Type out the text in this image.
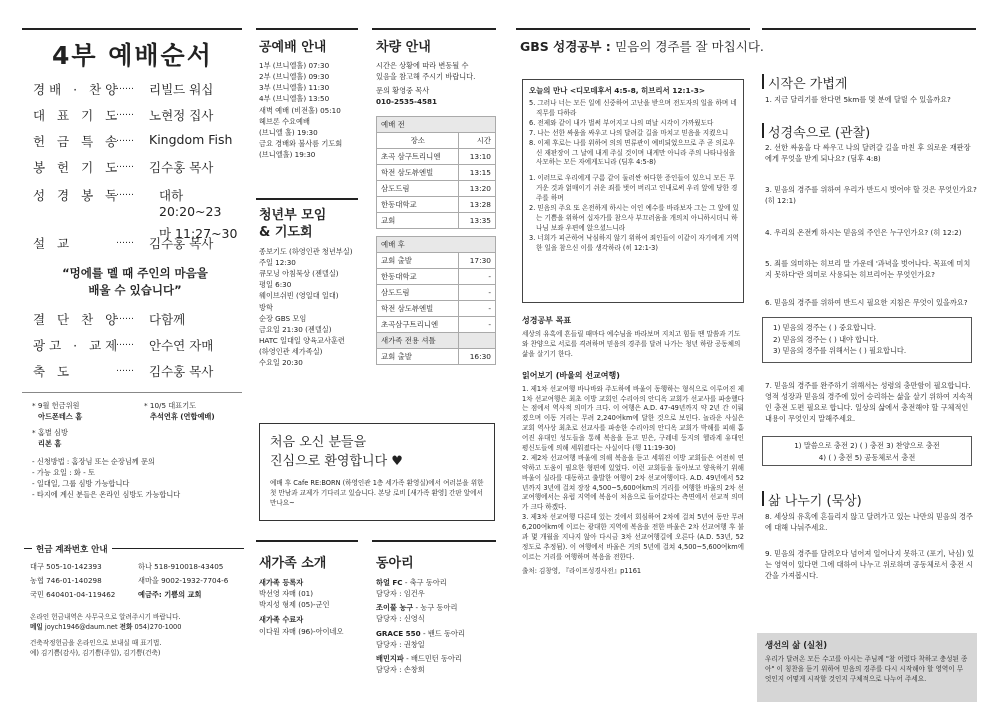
4부 예배순서
경배 · 찬양
…… 리빌드 워십
대 표 기 도
…… 노현정 집사
헌 금 특 송
…… Kingdom Fish
봉 헌 기 도
…… 김수홍 목사
성 경 봉 독
…… 대하 20:20~23
마 11:27~30
설 교	…… 김수홍 목사
“멍에를 멜 때 주인의 마음을
배울 수 있습니다”
결 단 찬 양
…… 다함께
광고 · 교제
…… 안수연 자매
축 도	…… 김수홍 목사
* 9월 헌금위원
아드폰테스 홈
* 10/5 대표기도
추석연휴 (연합예배)
* 홈별 심방
리본 홈
- 신청방법 : 홈장님 또는 순장님께 문의
- 가능 요일 : 화 - 토
- 일대일, 그룹 심방 가능합니다
- 타지에 계신 분들은 온라인 심방도 가능합니다
헌금 계좌번호 안내
대구 505-10-142393	하나 518-910018-43405
농협 746-01-140298	새마을 9002-1932-7704-6
국민 640401-04-119462	예금주: 기쁨의 교회
온라인 헌금내역은 사무국으로 알려주시기 바랍니다.
메일 joych1946@daum.net 전화 054)270-1000
건축작정헌금을 온라인으로 보내실 때 표기법.
예) 김기쁨(감사), 김기쁨(주일), 김기쁨(건축)
공예배 안내
1부 (브니엘홀) 07:30
2부 (브니엘홀) 09:30
3부 (브니엘홀) 11:30
4부 (브니엘홀) 13:50
새벽 예배 (비전홀) 05:10
헤브론 수요예배
(브니엘 홀) 19:30
금요 경배와 불사름 기도회
(브니엘홀) 19:30
청년부 모임
& 기도회
종보기도 (하영인관 청년부실)
주일 12:30
큐모닝 아침묵상 (젠델실)
평일 6:30
웨이브쉬빈 (영일대 일대)
방학
순장 GBS 모임
금요일 21:30 (젠델실)
HATC 일대일 양육교사훈련
(하영인관 세가족실)
수요일 20:30
처음 오신 분들을
진심으로 환영합니다 ♥
예배 후 Cafe RE:BORN (하영인관 1층 세가족 환영실)에서 여러분을 위한 첫 만남과 교제가 기다리고 있습니다. 본당 로비 [새가족 환영] 간판 앞에서 만나요~
새가족 소개
새가족 등록자
박선영 자매 (01)
박지성 형제 (05)-군인
새가족 수료자
이다원 자매 (96)-아이네오
차량 안내
시간은 상황에 따라 변동될 수
있음을 참고해 주시기 바랍니다.
문의 황영중 목사
010-2535-4581
예배 전	
장소	시간
초곡 삼구트리니엔	13:10
학전 삼도뷰엔빌	13:15
삼도드림	13:20
한동대학교	13:28
교회	13:35
예배 후	
교회 출발	17:30
한동대학교	-
삼도드림	-
학전 삼도뷰엔빌	-
초곡삼구트리니엔	-
새가족 전용 셔틀	
교회 출발	16:30
동아리
하얼 FC - 축구 동아리
담당자 : 임건우
조이풀 농구 - 농구 동아리
담당자 : 신영식
GRACE 550 - 밴드 동아리
담당자 : 권창일
배민지파 - 배드민턴 동아리
담당자 : 손창희
GBS 성경공부 : 믿음의 경주를 잘 마칩시다.
오늘의 만나 <디모데후서 4:5-8, 히브리서 12:1-3>
5. 그러나 너는 모든 일에 신중하여 고난을 받으며 전도자의 일을 하며 네 직무를 다하라
6. 전제와 같이 내가 벌써 부어지고 나의 떠날 시각이 가까웠도다
7. 나는 선한 싸움을 싸우고 나의 달려갈 길을 마치고 믿음을 지켰으니
8. 이제 후로는 나를 위하여 의의 면류관이 예비되었으므로 주 곧 의로우신 재판장이 그 날에 내게 주실 것이며 내게만 아니라 주의 나타나심을 사모하는 모든 자에게도니라 (딤후 4:5-8)
1. 이러므로 우리에게 구름 같이 둘러싼 허다한 증인들이 있으니 모든 무거운 것과 얽매이기 쉬운 죄를 벗어 버리고 인내로써 우리 앞에 당한 경주를 하며
2. 믿음의 주요 또 온전하게 하시는 이인 예수를 바라보자 그는 그 앞에 있는 기쁨을 위하여 십자가를 참으사 부끄러움을 개의치 아니하시더니 하나님 보좌 우편에 앉으셨느니라
3. 너희가 피곤하여 낙심하지 않기 위하여 죄인들이 이같이 자기에게 거역한 일을 참으신 이를 생각하라 (히 12:1-3)
성경공부 목표
세상의 유혹에 흔들릴 때마다 예수님을 바라보며 지치고 힘들 땐 말씀과 기도와 찬양으로 서로를 격려하며 믿음의 경주를 달려 나가는 청년 하람 공동체의 삶을 살기기 한다.
읽어보기 (바울의 선교여행)
1. 제1차 선교여행 바나바와 주도하에 바울이 동행하는 형식으로 이루어진 제1차 선교여행은 최초 이방 교회인 수리아의 안디옥 교회가 선교사를 파송했다는 점에서 역사적 의미가 크다. 이 여행은 A.D. 47-49년까지 약 2년 간 이뤄졌으며 이동 거리는 무려 2,240여km에 달한 것으로 보인다. 놀라운 사실은 교회 역사상 최초로 선교사를 파송한 수리아의 안디옥 교회가 박해를 피해 흩어진 유대인 성도들을 통해 복음을 듣고 믿은, 구레네 등지의 헬라계 유대인 평신도들에 의해 세워졌다는 사실이다 (행 11:19-30)
2. 제2차 선교여행 바울에 의해 복음을 듣고 세워진 이방 교회들은 여전히 연약하고 도움이 필요한 형편에 있었다. 이런 교회들을 돌아보고 양육하기 위해 바울이 실라를 대동하고 출발한 여행이 2차 선교여행이다. A.D. 49년에서 52년까지 3년에 걸쳐 장장 4,500~5,600여km의 거리를 여행한 바울의 2차 선교여행에서는 유럽 지역에 복음이 처음으로 들어갔다는 측면에서 선교적 의미가 크다 하겠다.
3. 제3차 선교여행 다른데 있는 것에서 회심하여 2차에 걸쳐 5년여 동안 무려 6,200여km에 이르는 광대한 지역에 복음을 전한 바울은 2차 선교여행 후 불과 몇 개월을 지나지 않아 다시금 3차 선교여행길에 오른다 (A.D. 53년, 52 정도로 추정됨). 이 여행에서 바울은 거의 5년에 걸쳐 4,500~5,600여km에 이르는 거리를 여행하며 복음을 전한다.
출처: 김창영, 『라이프성경사전』p1161
시작은 가볍게
1. 지금 달리기를 한다면 5km를 몇 분에 달릴 수 있을까요?
성경속으로 (관찰)
2. 선한 싸움을 다 싸우고 나의 달려갈 길을 마친 후 의로운 재판장에게 무엇을 받게 되나요? (딤후 4:8)
3. 믿음의 경주를 위하여 우리가 반드시 벗어야 할 것은 무엇인가요? (히 12:1)
4. 우리의 온전케 하시는 믿음의 주인은 누구인가요? (히 12:2)
5. 죄를 의미하는 히브리 말 가운데 '과녁을 벗어나다. 목표에 미치지 못하다'란 의미로 사용되는 히브리어는 무엇인가요?
6. 믿음의 경주를 위하여 반드시 필요한 지침은 무엇이 있을까요?
1) 믿음의 경주는 ( ) 중요합니다.
2) 믿음의 경주는 ( ) 내야 합니다.
3) 믿음의 경주를 위해서는 ( ) 필요합니다.
7. 믿음의 경주를 완주하기 위해서는 성령의 충만함이 필요합니다. 영적 성장과 믿음의 경주에 있어 승리하는 삶을 살기 위하여 지속적인 충전 도편 필요로 합니다. 일상의 삶에서 충전해야 할 구체적인 내용이 무엇인지 말해주세요.
1) 말씀으로 충전 2) ( ) 충전 3) 찬양으로 충전
4) ( ) 충전 5) 공동체로서 충전
삶 나누기 (묵상)
8. 세상의 유혹에 흔들리지 않고 달려가고 있는 나만의 믿음의 경주에 대해 나눠주세요.
9. 믿음의 경주를 달려오다 넘어져 일어나지 못하고 (포기, 낙심) 있는 영역이 있다면 그에 대하여 나누고 위로하며 공동체로서 충전 시간을 가져봅시다.
생선의 삶 (실천)
우리가 달려온 모든 수고를 아시는 주님께 "참 어렸다 착하고 충성된 종아" 이 칭찬을 듣기 위하여 믿음의 경주를 다시 시작해야 할 영역이 무엇인지 어떻게 시작할 것인지 구체적으로 나누어 주세요.
